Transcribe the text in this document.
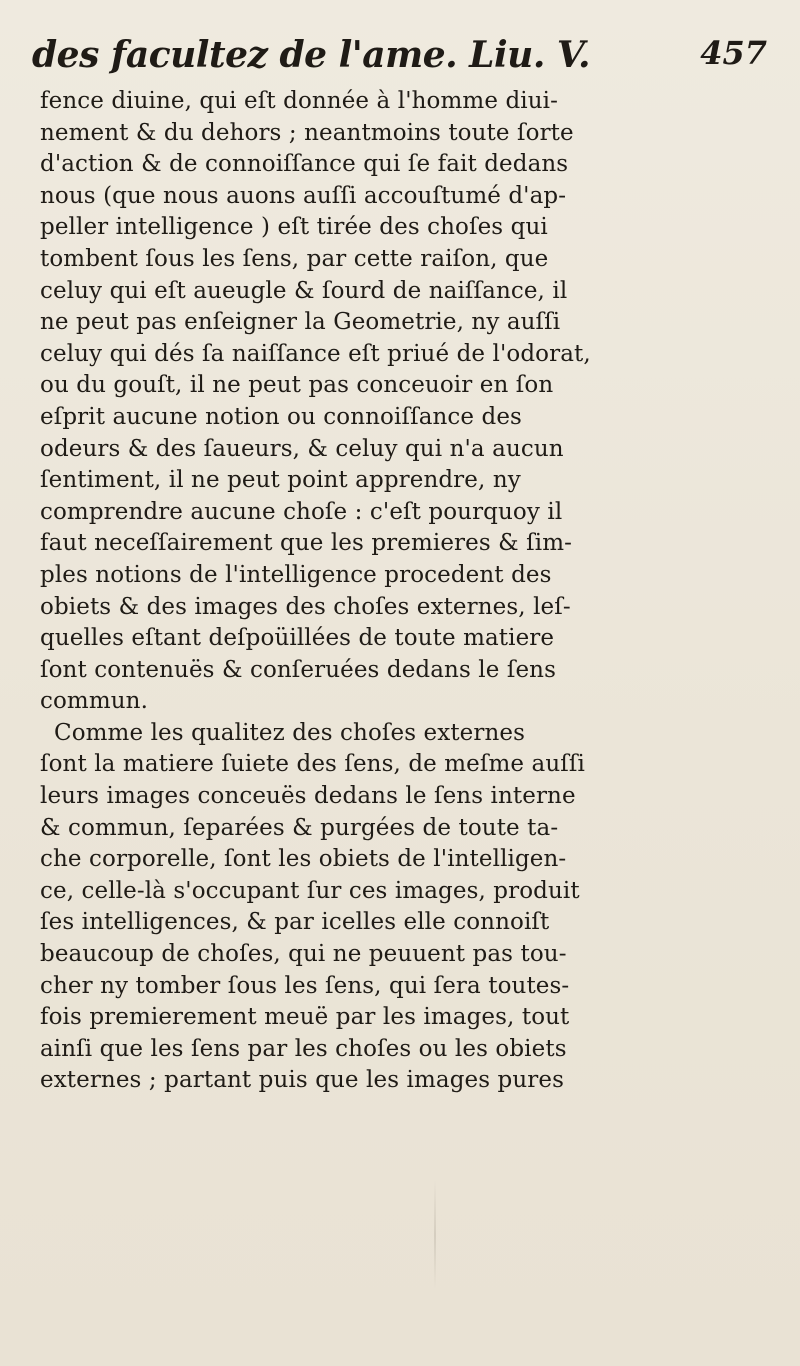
des facultez de l'ame. Liu. V.	457
fence diuine, qui eſt donnée à l'homme diui-
nement & du dehors ; neantmoins toute ſorte
d'action & de connoiſſance qui ſe fait dedans
nous (que nous auons auſſi accouſtumé d'ap-
peller intelligence ) eſt tirée des choſes qui
tombent ſous les ſens, par cette raiſon, que
celuy qui eſt aueugle & ſourd de naiſſance, il
ne peut pas enſeigner la Geometrie, ny auſſi
celuy qui dés ſa naiſſance eſt priué de l'odorat,
ou du gouſt, il ne peut pas conceuoir en ſon
eſprit aucune notion ou connoiſſance des
odeurs & des ſaueurs, & celuy qui n'a aucun
ſentiment, il ne peut point apprendre, ny
comprendre aucune choſe : c'eſt pourquoy il
faut neceſſairement que les premieres & ſim-
ples notions de l'intelligence procedent des
obiets & des images des choſes externes, leſ-
quelles eſtant deſpoüillées de toute matiere
ſont contenuës & conſeruées dedans le ſens
commun.
Comme les qualitez des choſes externes
ſont la matiere ſuiete des ſens, de meſme auſſi
leurs images conceuës dedans le ſens interne
& commun, ſeparées & purgées de toute ta-
che corporelle, ſont les obiets de l'intelligen-
ce, celle-là s'occupant ſur ces images, produit
ſes intelligences, & par icelles elle connoiſt
beaucoup de choſes, qui ne peuuent pas tou-
cher ny tomber ſous les ſens, qui ſera toutes-
fois premierement meuë par les images, tout
ainſi que les ſens par les choſes ou les obiets
externes ; partant puis que les images pures
